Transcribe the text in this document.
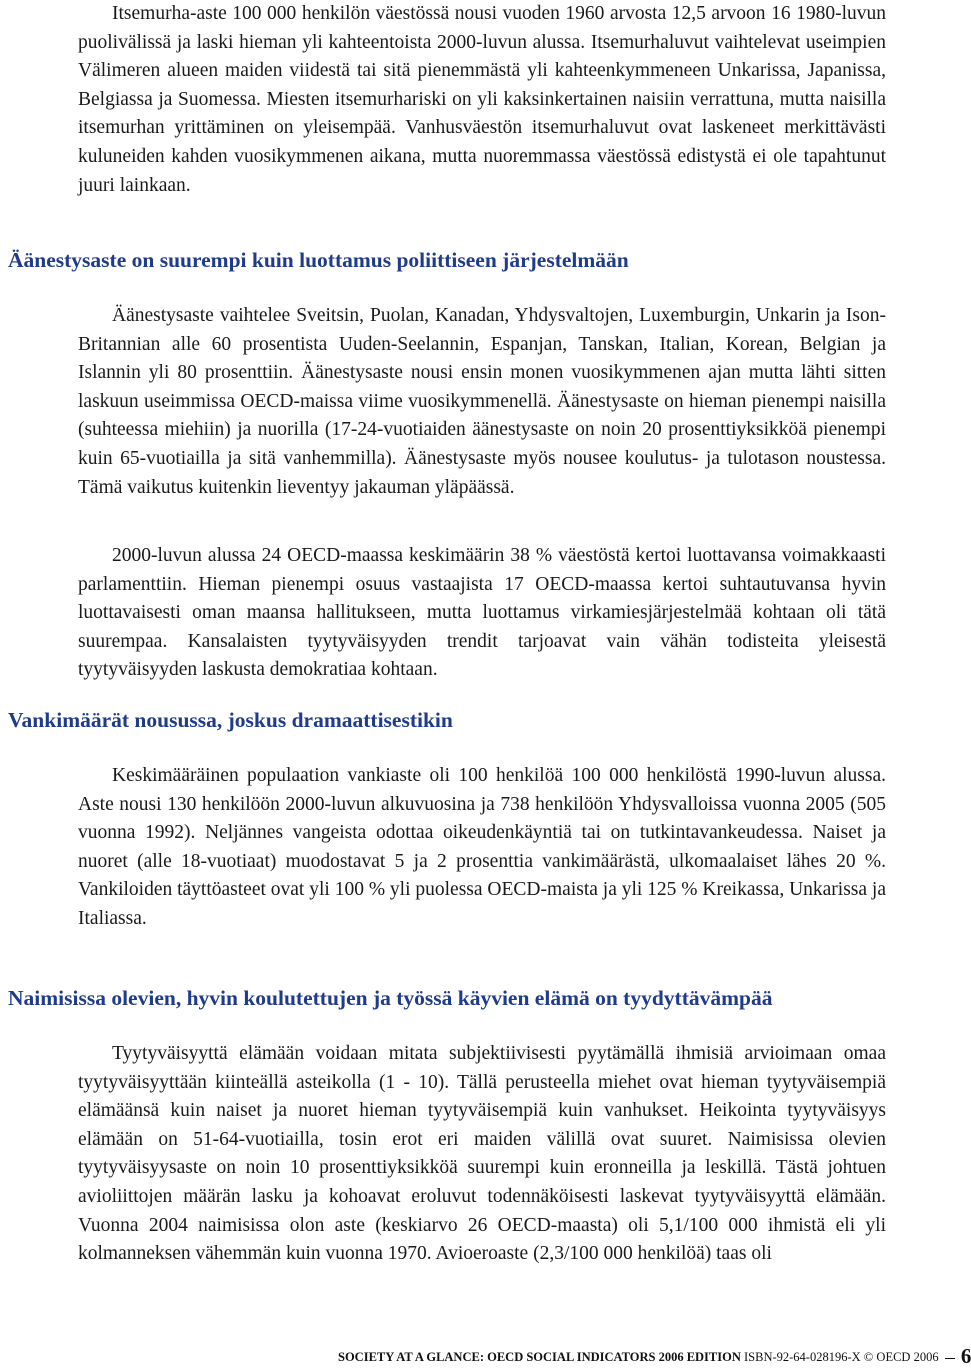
Itsemurha-aste 100 000 henkilön väestössä nousi vuoden 1960 arvosta 12,5 arvoon 16 1980-luvun puolivälissä ja laski hieman yli kahteentoista 2000-luvun alussa. Itsemurhaluvut vaihtelevat useimpien Välimeren alueen maiden viidestä tai sitä pienemmästä yli kahteenkymmeneen Unkarissa, Japanissa, Belgiassa ja Suomessa. Miesten itsemurhariski on yli kaksinkertainen naisiin verrattuna, mutta naisilla itsemurhan yrittäminen on yleisempää. Vanhusväestön itsemurhaluvut ovat laskeneet merkittävästi kuluneiden kahden vuosikymmenen aikana, mutta nuoremmassa väestössä edistystä ei ole tapahtunut juuri lainkaan.

Äänestysaste on suurempi kuin luottamus poliittiseen järjestelmään

Äänestysaste vaihtelee Sveitsin, Puolan, Kanadan, Yhdysvaltojen, Luxemburgin, Unkarin ja Ison-Britannian alle 60 prosentista Uuden-Seelannin, Espanjan, Tanskan, Italian, Korean, Belgian ja Islannin yli 80 prosenttiin. Äänestysaste nousi ensin monen vuosikymmenen ajan mutta lähti sitten laskuun useimmissa OECD-maissa viime vuosikymmenellä. Äänestysaste on hieman pienempi naisilla (suhteessa miehiin) ja nuorilla (17-24-vuotiaiden äänestysaste on noin 20 prosenttiyksikköä pienempi kuin 65-vuotiailla ja sitä vanhemmilla). Äänestysaste myös nousee koulutus- ja tulotason noustessa. Tämä vaikutus kuitenkin lieventyy jakauman yläpäässä.

2000-luvun alussa 24 OECD-maassa keskimäärin 38 % väestöstä kertoi luottavansa voimakkaasti parlamenttiin. Hieman pienempi osuus vastaajista 17 OECD-maassa kertoi suhtautuvansa hyvin luottavaisesti oman maansa hallitukseen, mutta luottamus virkamiesjärjestelmää kohtaan oli tätä suurempaa. Kansalaisten tyytyväisyyden trendit tarjoavat vain vähän todisteita yleisestä tyytyväisyyden laskusta demokratiaa kohtaan.

Vankimäärät nousussa, joskus dramaattisestikin

Keskimääräinen populaation vankiaste oli 100 henkilöä 100 000 henkilöstä 1990-luvun alussa. Aste nousi 130 henkilöön 2000-luvun alkuvuosina ja 738 henkilöön Yhdysvalloissa vuonna 2005 (505 vuonna 1992). Neljännes vangeista odottaa oikeudenkäyntiä tai on tutkintavankeudessa. Naiset ja nuoret (alle 18-vuotiaat) muodostavat 5 ja 2 prosenttia vankimäärästä, ulkomaalaiset lähes 20 %. Vankiloiden täyttöasteet ovat yli 100 % yli puolessa OECD-maista ja yli 125 % Kreikassa, Unkarissa ja Italiassa.

Naimisissa olevien, hyvin koulutettujen ja työssä käyvien elämä on tyydyttävämpää

Tyytyväisyyttä elämään voidaan mitata subjektiivisesti pyytämällä ihmisiä arvioimaan omaa tyytyväisyyttään kiinteällä asteikolla (1 - 10). Tällä perusteella miehet ovat hieman tyytyväisempiä elämäänsä kuin naiset ja nuoret hieman tyytyväisempiä kuin vanhukset. Heikointa tyytyväisyys elämään on 51-64-vuotiailla, tosin erot eri maiden välillä ovat suuret. Naimisissa olevien tyytyväisyysaste on noin 10 prosenttiyksikköä suurempi kuin eronneilla ja leskillä. Tästä johtuen avioliittojen määrän lasku ja kohoavat eroluvut todennäköisesti laskevat tyytyväisyyttä elämään. Vuonna 2004 naimisissa olon aste (keskiarvo 26 OECD-maasta) oli 5,1/100 000 ihmistä eli yli kolmanneksen vähemmän kuin vuonna 1970. Avioeroaste (2,3/100 000 henkilöä) taas oli

SOCIETY AT A GLANCE: OECD SOCIAL INDICATORS 2006 EDITION ISBN-92-64-028196-X © OECD 2006 6
